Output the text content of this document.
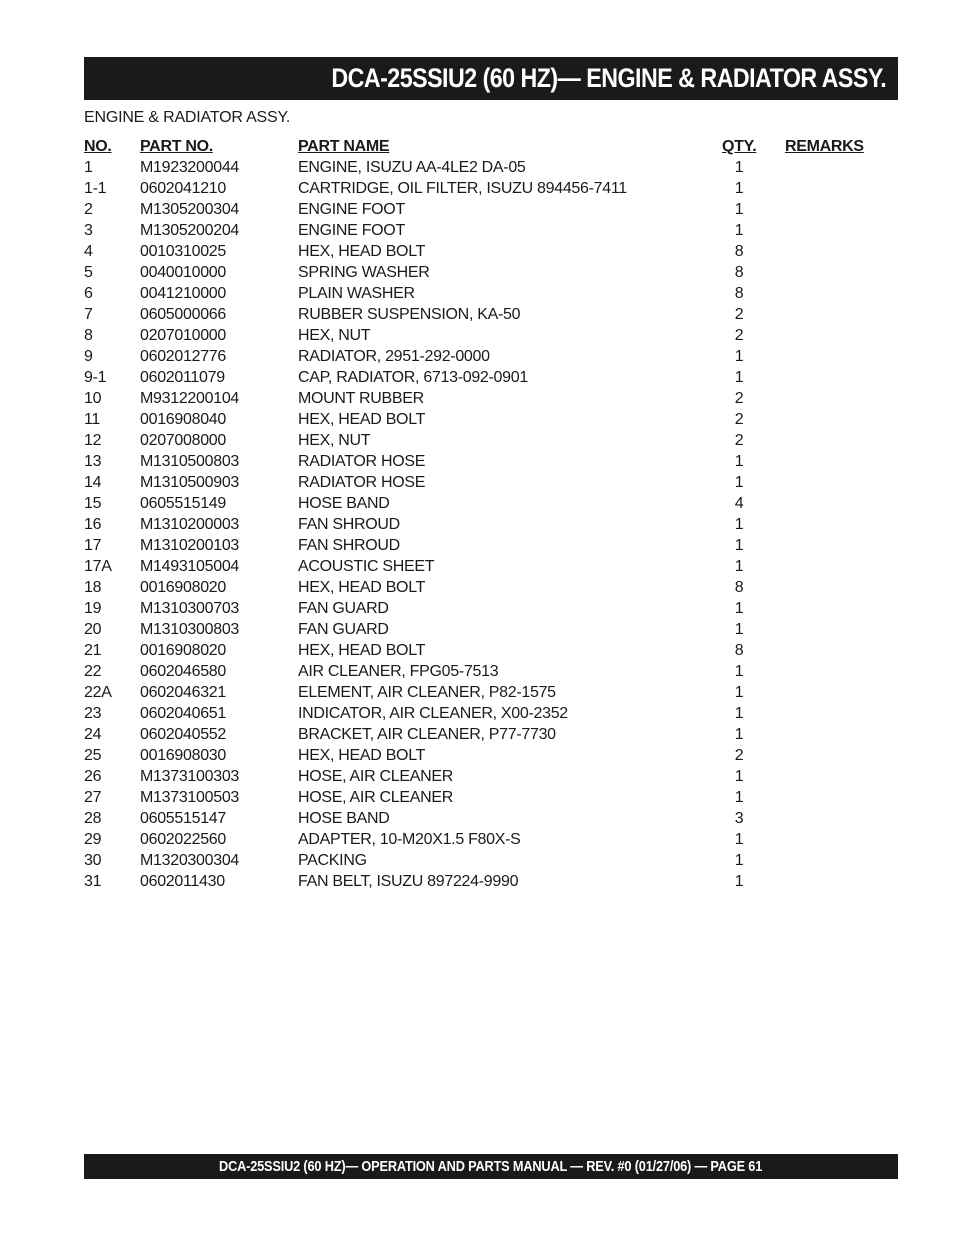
DCA-25SSIU2 (60 HZ)— ENGINE & RADIATOR ASSY.
ENGINE & RADIATOR ASSY.
NO. PART NO.	PART NAME	QTY. REMARKS
1	M1923200044	ENGINE, ISUZU AA-4LE2 DA-05	1
1-1 0602041210	CARTRIDGE, OIL FILTER, ISUZU 894456-7411	1
2	M1305200304	ENGINE FOOT	1
3	M1305200204	ENGINE FOOT	1
4	0010310025	HEX, HEAD BOLT	8
5	0040010000	SPRING WASHER	8
6	0041210000	PLAIN WASHER	8
7	0605000066	RUBBER SUSPENSION, KA-50	2
8	0207010000	HEX, NUT	2
9	0602012776	RADIATOR, 2951-292-0000	1
9-1 0602011079	CAP, RADIATOR, 6713-092-0901	1
10 M9312200104	MOUNT RUBBER	2
11 0016908040	HEX, HEAD BOLT	2
12 0207008000	HEX, NUT	2
13 M1310500803	RADIATOR HOSE	1
14 M1310500903	RADIATOR HOSE	1
15 0605515149	HOSE BAND	4
16 M1310200003	FAN SHROUD	1
17 M1310200103	FAN SHROUD	1
17A M1493105004	ACOUSTIC SHEET	1
18 0016908020	HEX, HEAD BOLT	8
19 M1310300703	FAN GUARD	1
20 M1310300803	FAN GUARD	1
21 0016908020	HEX, HEAD BOLT	8
22 0602046580	AIR CLEANER, FPG05-7513	1
22A 0602046321	ELEMENT, AIR CLEANER, P82-1575	1
23 0602040651	INDICATOR, AIR CLEANER, X00-2352	1
24 0602040552	BRACKET, AIR CLEANER, P77-7730	1
25 0016908030	HEX, HEAD BOLT	2
26 M1373100303	HOSE, AIR CLEANER	1
27 M1373100503	HOSE, AIR CLEANER	1
28 0605515147	HOSE BAND	3
29 0602022560	ADAPTER, 10-M20X1.5 F80X-S	1
30 M1320300304	PACKING	1
31 0602011430	FAN BELT, ISUZU 897224-9990	1
DCA-25SSIU2 (60 HZ)— OPERATION AND PARTS MANUAL — REV. #0 (01/27/06) — PAGE 61
